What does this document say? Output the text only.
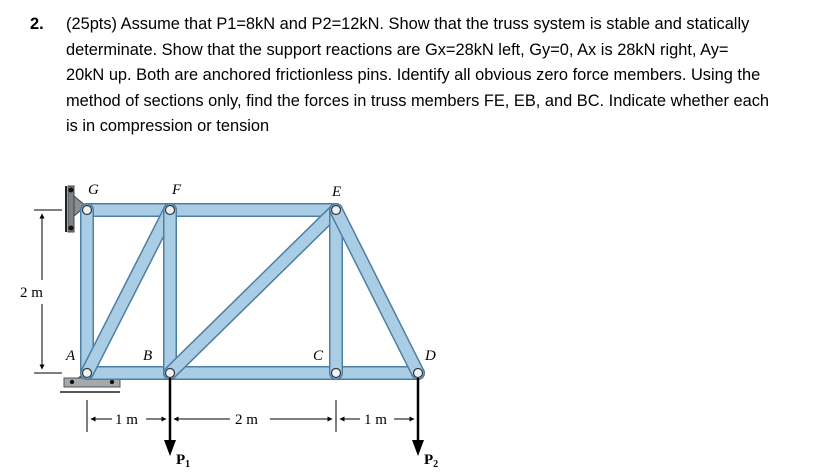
2. (25pts) Assume that P1=8kN and P2=12kN. Show that the truss system is stable and statically
determinate. Show that the support reactions are Gx=28kN left, Gy=0, Ax is 28kN right, Ay=
20kN up. Both are anchored frictionless pins. Identify all obvious zero force members. Using the
method of sections only, find the forces in truss members FE, EB, and BC. Indicate whether each
is in compression or tension
G	F	E
A	B	C	D
2 m
1 m	2 m	1 m
$P_1$	$P_2$
